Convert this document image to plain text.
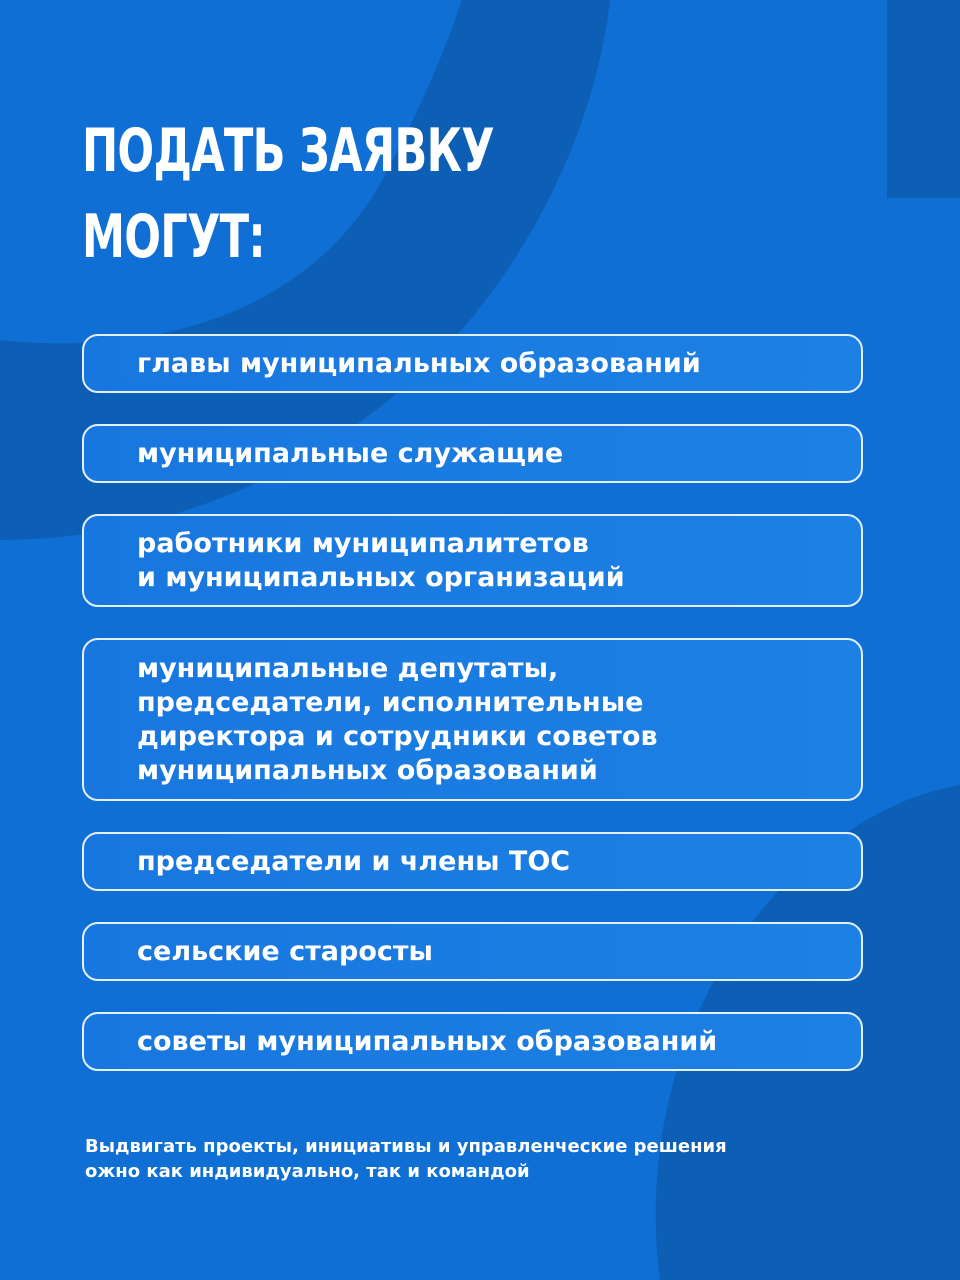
ПОДАТЬ ЗАЯВКУ
МОГУТ:
главы муниципальных образований
муниципальные служащие
работники муниципалитетов
и муниципальных организаций
муниципальные депутаты,
председатели, исполнительные
директора и сотрудники советов
муниципальных образований
председатели и члены ТОС
сельские старосты
советы муниципальных образований

Выдвигать проекты, инициативы и управленческие решения
ожно как индивидуально, так и командой
